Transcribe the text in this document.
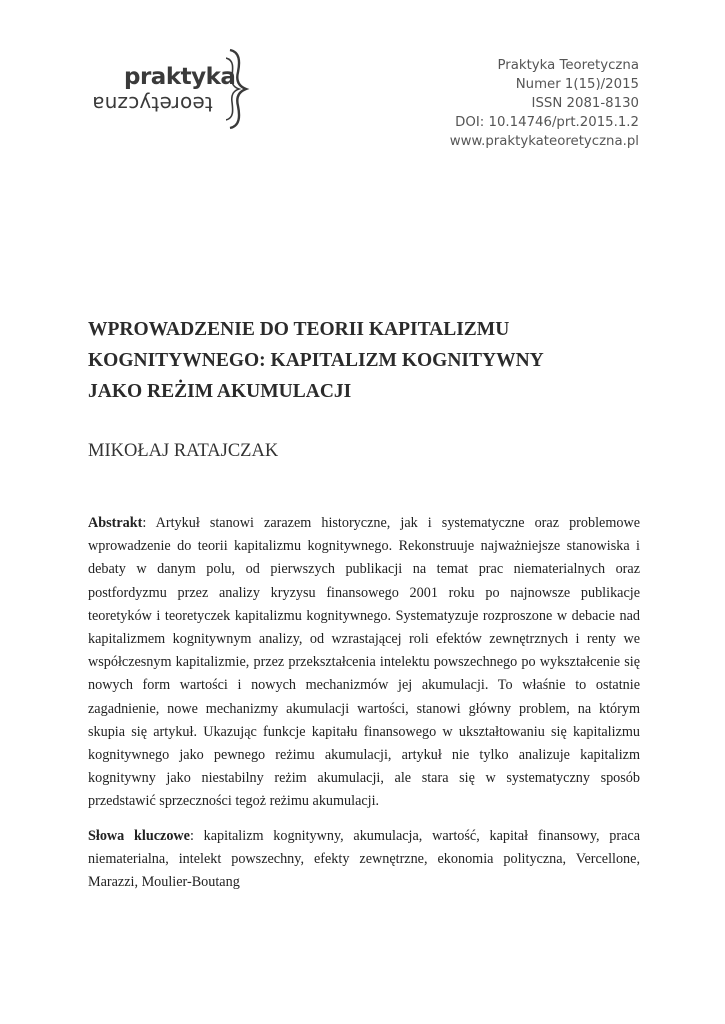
praktyka
teoretyczna
Praktyka Teoretyczna
Numer 1(15)/2015
ISSN 2081-8130
DOI: 10.14746/prt.2015.1.2
www.praktykateoretyczna.pl
WPROWADZENIE DO TEORII KAPITALIZMU
KOGNITYWNEGO: KAPITALIZM KOGNITYWNY
JAKO REŻIM AKUMULACJI
MIKOŁAJ RATAJCZAK

Abstrakt: Artykuł stanowi zarazem historyczne, jak i systematyczne oraz problemowe wprowadzenie do teorii kapitalizmu kognitywnego. Rekonstruuje najważniejsze stanowiska i debaty w danym polu, od pierwszych publikacji na temat prac niematerialnych oraz postfordyzmu przez analizy kryzysu finansowego 2001 roku po najnowsze publikacje teoretyków i teoretyczek kapitalizmu kognitywnego. Systematyzuje rozproszone w debacie nad kapitalizmem kognitywnym analizy, od wzrastającej roli efektów zewnętrznych i renty we współczesnym kapitalizmie, przez przekształcenia intelektu powszechnego po wykształcenie się nowych form wartości i nowych mechanizmów jej akumulacji. To właśnie to ostatnie zagadnienie, nowe mechanizmy akumulacji wartości, stanowi główny problem, na którym skupia się artykuł. Ukazując funkcje kapitału finansowego w ukształtowaniu się kapitalizmu kognitywnego jako pewnego reżimu akumulacji, artykuł nie tylko analizuje kapitalizm kognitywny jako niestabilny reżim akumulacji, ale stara się w systematyczny sposób przedstawić sprzeczności tegoż reżimu akumulacji.

Słowa kluczowe: kapitalizm kognitywny, akumulacja, wartość, kapitał finansowy, praca niematerialna, intelekt powszechny, efekty zewnętrzne, ekonomia polityczna, Vercellone, Marazzi, Moulier-Boutang
